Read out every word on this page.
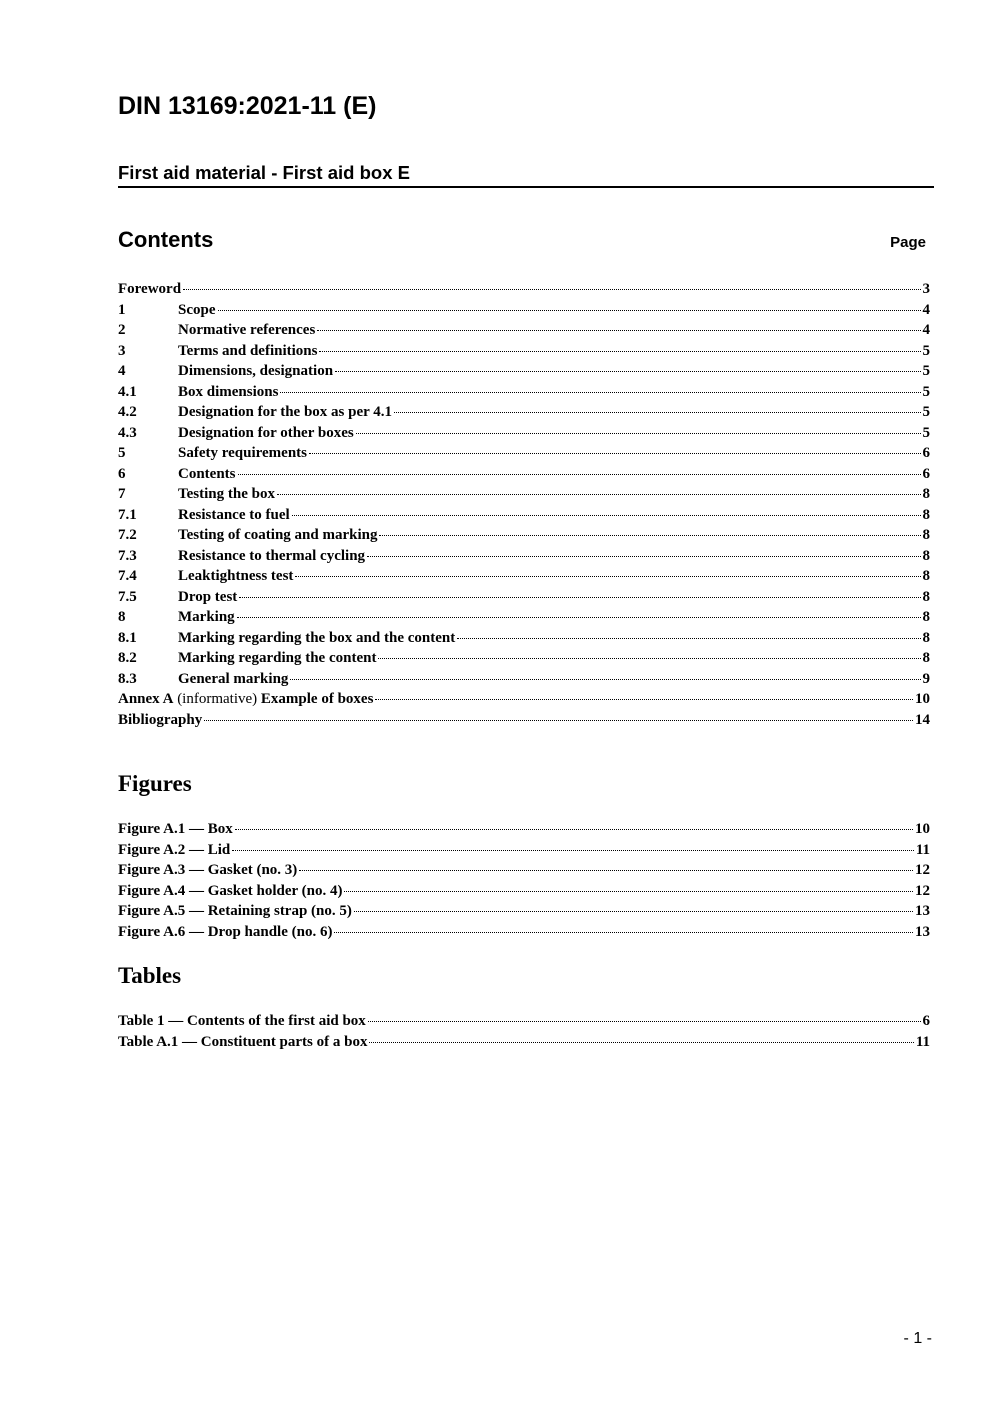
DIN 13169:2021-11 (E)
First aid material - First aid box E
Contents	Page
Foreword	3
1	Scope	4
2	Normative references	4
3	Terms and definitions	5
4	Dimensions, designation	5
4.1	Box dimensions	5
4.2	Designation for the box as per 4.1	5
4.3	Designation for other boxes	5
5	Safety requirements	6
6	Contents	6
7	Testing the box	8
7.1	Resistance to fuel	8
7.2	Testing of coating and marking	8
7.3	Resistance to thermal cycling	8
7.4	Leaktightness test	8
7.5	Drop test	8
8	Marking	8
8.1	Marking regarding the box and the content	8
8.2	Marking regarding the content	8
8.3	General marking	9
Annex A (informative) Example of boxes	10
Bibliography	14
Figures
Figure A.1 — Box	10
Figure A.2 — Lid	11
Figure A.3 — Gasket (no. 3)	12
Figure A.4 — Gasket holder (no. 4)	12
Figure A.5 — Retaining strap (no. 5)	13
Figure A.6 — Drop handle (no. 6)	13
Tables
Table 1 — Contents of the first aid box	6
Table A.1 — Constituent parts of a box	11
- 1 -
